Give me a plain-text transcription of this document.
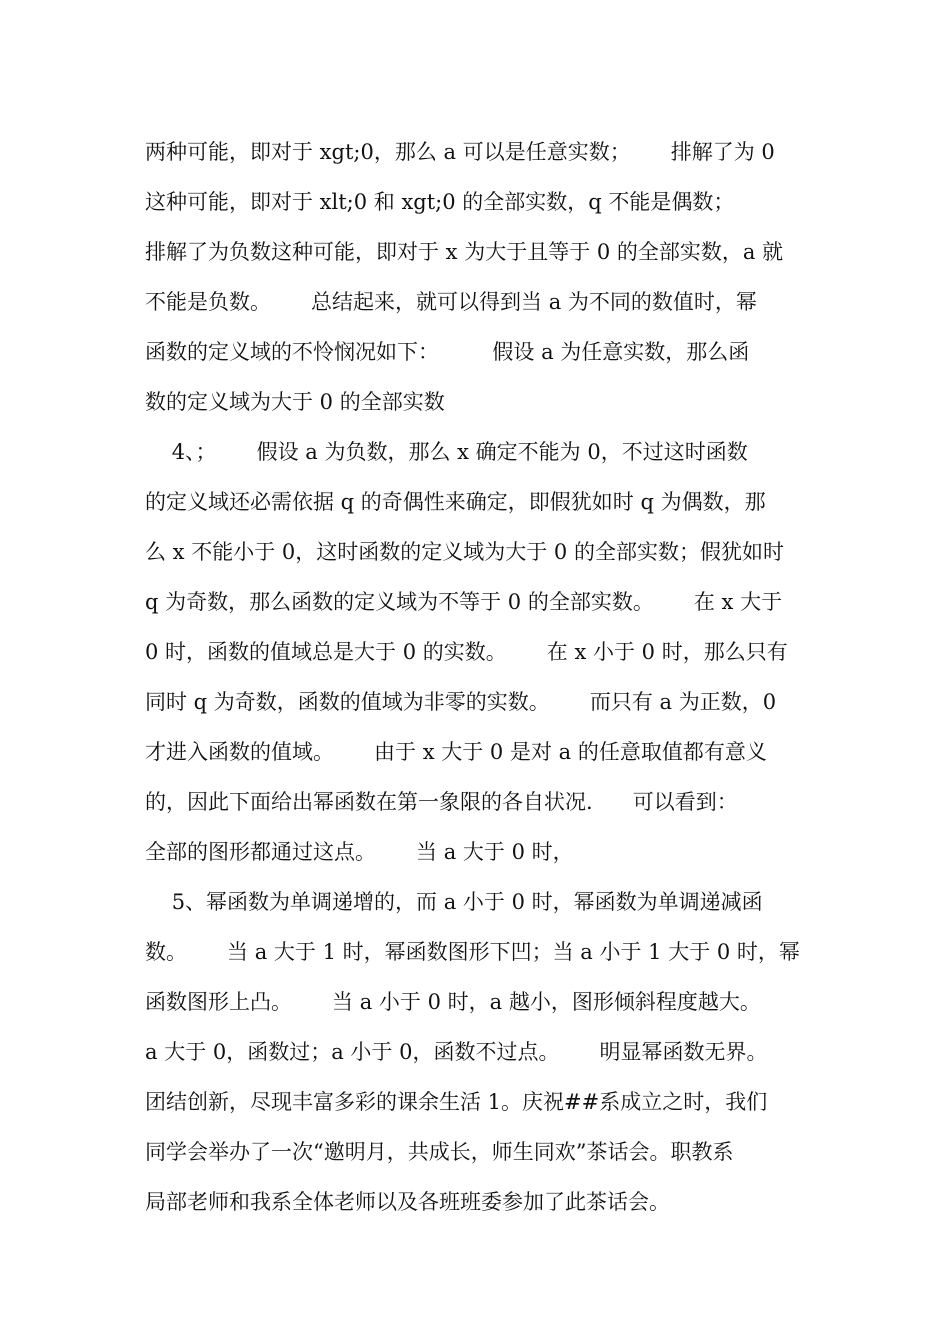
两种可能，即对于 xgt;0，那么 a 可以是任意实数；      排解了为 0
这种可能，即对于 xlt;0 和 xgt;0 的全部实数，q 不能是偶数；
排解了为负数这种可能，即对于 x 为大于且等于 0 的全部实数，a 就
不能是负数。      总结起来，就可以得到当 a 为不同的数值时，幂
函数的定义域的不怜悯况如下：        假设 a 为任意实数，那么函
数的定义域为大于 0 的全部实数
4、；      假设 a 为负数，那么 x 确定不能为 0，不过这时函数
的定义域还必需依据 q 的奇偶性来确定，即假犹如时 q 为偶数，那
么 x 不能小于 0，这时函数的定义域为大于 0 的全部实数；假犹如时
q 为奇数，那么函数的定义域为不等于 0 的全部实数。      在 x 大于
0 时，函数的值域总是大于 0 的实数。      在 x 小于 0 时，那么只有
同时 q 为奇数，函数的值域为非零的实数。      而只有 a 为正数，0
才进入函数的值域。      由于 x 大于 0 是对 a 的任意取值都有意义
的，因此下面给出幂函数在第一象限的各自状况.      可以看到：
全部的图形都通过这点。      当 a 大于 0 时，
5、幂函数为单调递增的，而 a 小于 0 时，幂函数为单调递减函
数。      当 a 大于 1 时，幂函数图形下凹；当 a 小于 1 大于 0 时，幂
函数图形上凸。      当 a 小于 0 时，a 越小，图形倾斜程度越大。
a 大于 0，函数过；a 小于 0，函数不过点。      明显幂函数无界。
团结创新，尽现丰富多彩的课余生活 1。庆祝##系成立之时，我们
同学会举办了一次“邀明月，共成长，师生同欢”茶话会。职教系
局部老师和我系全体老师以及各班班委参加了此茶话会。
